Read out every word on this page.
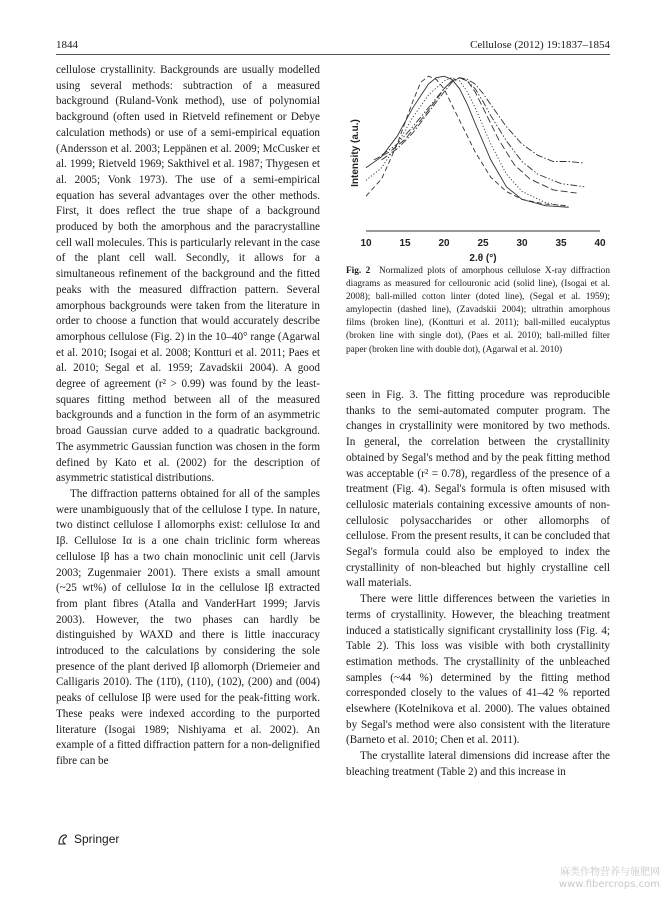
1844	Cellulose (2012) 19:1837–1854

cellulose crystallinity. Backgrounds are usually modelled using several methods: subtraction of a measured background (Ruland-Vonk method), use of polynomial background (often used in Rietveld refinement or Debye calculation methods) or use of a semi-empirical equation (Andersson et al. 2003; Leppänen et al. 2009; McCusker et al. 1999; Rietveld 1969; Sakthivel et al. 1987; Thygesen et al. 2005; Vonk 1973). The use of a semi-empirical equation has several advantages over the other methods. First, it does reflect the true shape of a background produced by both the amorphous and the paracrystalline cell wall molecules. This is particularly relevant in the case of the plant cell wall. Secondly, it allows for a simultaneous refinement of the background and the fitted peaks with the measured diffraction pattern. Several amorphous backgrounds were taken from the literature in order to choose a function that would accurately describe amorphous cellulose (Fig. 2) in the 10–40° range (Agarwal et al. 2010; Isogai et al. 2008; Kontturi et al. 2011; Paes et al. 2010; Segal et al. 1959; Zavadskii 2004). A good degree of agreement (r² > 0.99) was found by the least-squares fitting method between all of the measured backgrounds and a function in the form of an asymmetric broad Gaussian curve added to a quadratic background. The asymmetric Gaussian function was chosen in the form defined by Kato et al. (2002) for the description of asymmetric statistical distributions.

The diffraction patterns obtained for all of the samples were unambiguously that of the cellulose I type. In nature, two distinct cellulose I allomorphs exist: cellulose Iα and Iβ. Cellulose Iα is a one chain triclinic form whereas cellulose Iβ has a two chain monoclinic unit cell (Jarvis 2003; Zugenmaier 2001). There exists a small amount (~25 wt%) of cellulose Iα in the cellulose Iβ extracted from plant fibres (Atalla and VanderHart 1999; Jarvis 2003). However, the two phases can hardly be distinguished by WAXD and there is little inaccuracy introduced to the calculations by considering the sole presence of the plant derived Iβ allomorph (Driemeier and Calligaris 2010). The (11̄0), (110), (102), (200) and (004) peaks of cellulose Iβ were used for the peak-fitting work. These peaks were indexed according to the purported literature (Isogai 1989; Nishiyama et al. 2002). An example of a fitted diffraction pattern for a non-delignified fibre can be

10	15	20	25	30	35	40
2.θ (°)
Intensity (a.u.)
Fig. 2 Normalized plots of amorphous cellulose X-ray diffraction diagrams as measured for cellouronic acid (solid line), (Isogai et al. 2008); ball-milled cotton linter (doted line), (Segal et al. 1959); amylopectin (dashed line), (Zavadskii 2004); ultrathin amorphous films (broken line), (Kontturi et al. 2011); ball-milled eucalyptus (broken line with single dot), (Paes et al. 2010); ball-milled filter paper (broken line with double dot), (Agarwal et al. 2010)

seen in Fig. 3. The fitting procedure was reproducible thanks to the semi-automated computer program. The changes in crystallinity were monitored by two methods. In general, the correlation between the crystallinity obtained by Segal's method and by the peak fitting method was acceptable (r² = 0.78), regardless of the presence of a treatment (Fig. 4). Segal's formula is often misused with cellulosic materials containing excessive amounts of non-cellulosic polysaccharides or other allomorphs of cellulose. From the present results, it can be concluded that Segal's formula could also be employed to index the crystallinity of non-bleached but highly crystalline cell wall materials.

There were little differences between the varieties in terms of crystallinity. However, the bleaching treatment induced a statistically significant crystallinity loss (Fig. 4; Table 2). This loss was visible with both crystallinity estimation methods. The crystallinity of the unbleached samples (~44 %) determined by the fitting method corresponded closely to the values of 41–42 % reported elsewhere (Kotelnikova et al. 2000). The values obtained by Segal's method were also consistent with the literature (Barneto et al. 2010; Chen et al. 2011).

The crystallite lateral dimensions did increase after the bleaching treatment (Table 2) and this increase in

Springer
麻类作物营养与施肥网
www.fibercrops.com
